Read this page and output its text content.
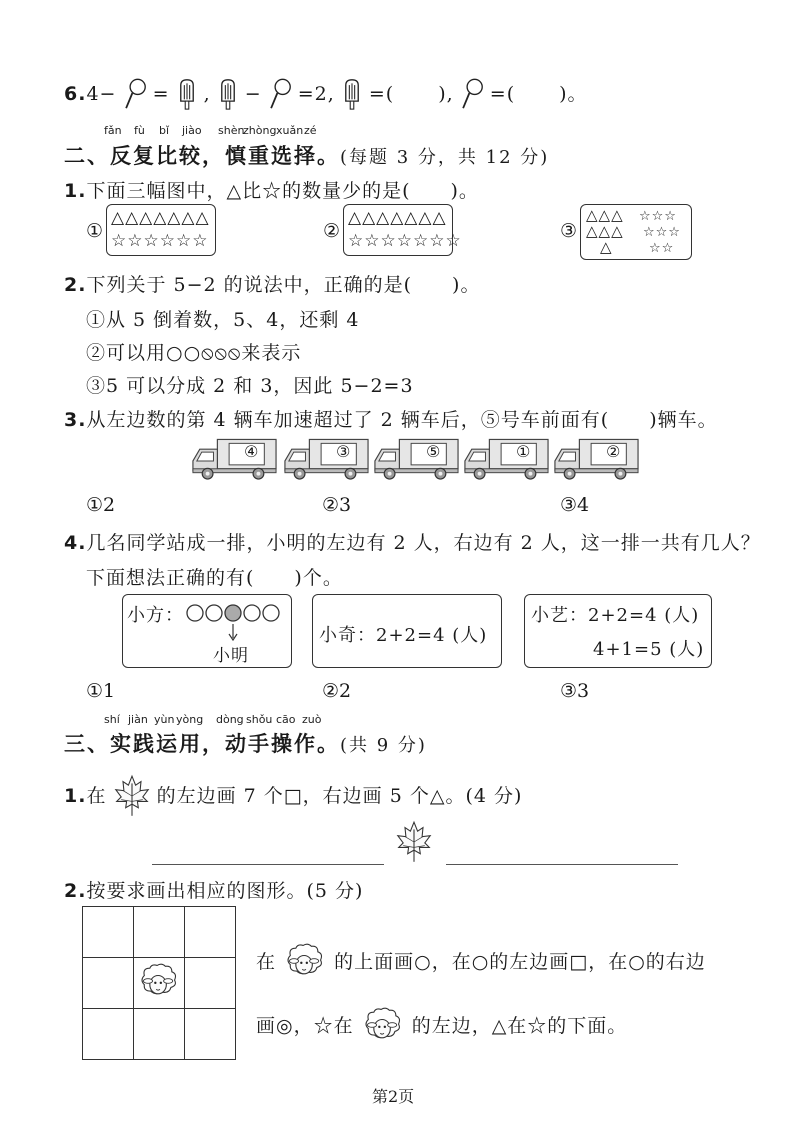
6.4− = , − =2, =( ), =( )。
fǎn fù bǐ jiào shèn
zhòng xuǎn zé
二、反复比较，慎重选择。(每题 3 分，共 12 分)
1.下面三幅图中，△比☆的数量少的是(　　)。
①
△△△△△△△
☆☆☆☆☆☆	②
△△△△△△△
☆☆☆☆☆☆☆	③
△△△
△△△
△
☆☆☆
☆☆☆
☆☆
2.下列关于 5−2 的说法中，正确的是(　　)。
①从 5 倒着数，5、4，还剩 4
②可以用○○⦸⦸⦸来表示
③5 可以分成 2 和 3，因此 5−2=3
3.从左边数的第 4 辆车加速超过了 2 辆车后，⑤号车前面有(　　)辆车。
④	③	⑤	①	②
①2	②3	③4
4.几名同学站成一排，小明的左边有 2 人，右边有 2 人，这一排一共有几人？
下面想法正确的有(　　)个。
小方：
小明
小奇：2+2=4 (人)
小艺：2+2=4 (人)
4+1=5 (人)
①1	②2	③3
shí jiàn yùn yòng dòng shǒu cāo zuò
三、实践运用，动手操作。(共 9 分)
1.在	的左边画 7 个□，右边画 5 个△。(4 分)
2.按要求画出相应的图形。(5 分)

在	的上面画○，在○的左边画□，在○的右边
画◎，☆在	的左边，△在☆的下面。
第2页
